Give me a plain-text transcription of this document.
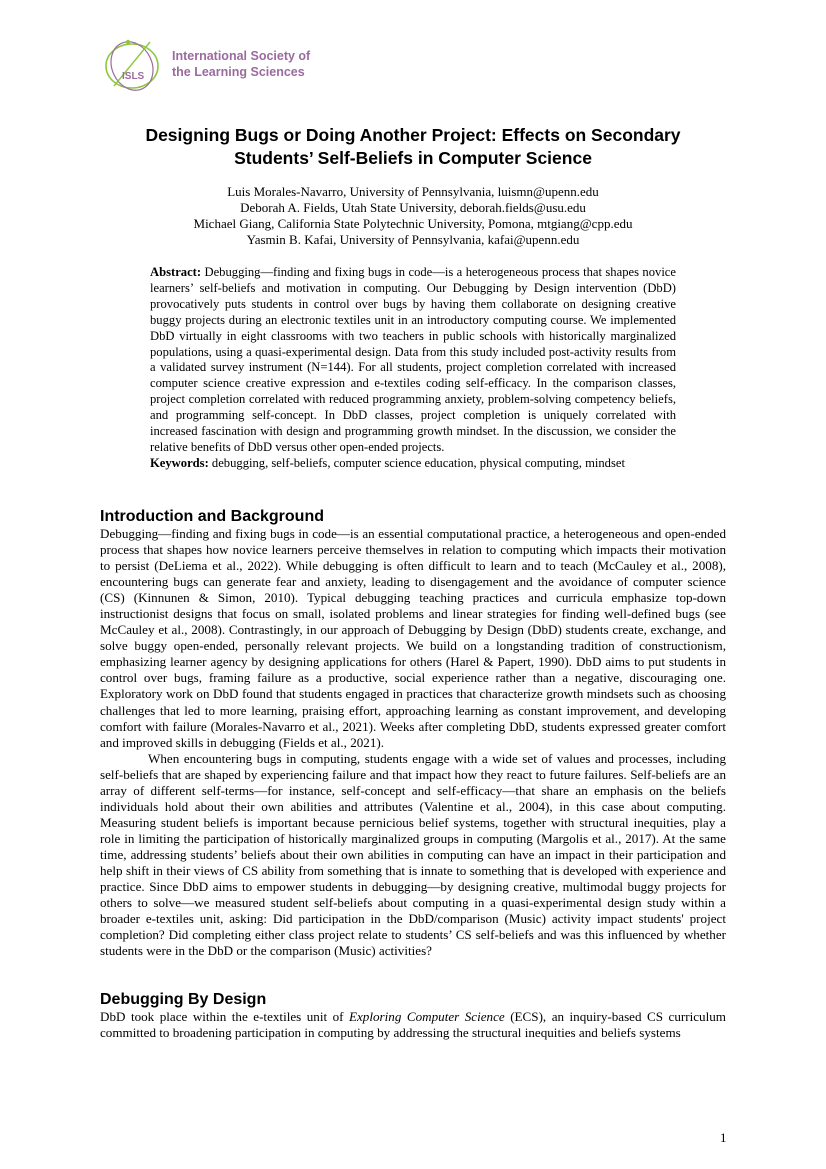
ISLS
International Society of
the Learning Sciences
Designing Bugs or Doing Another Project: Effects on Secondary
Students’ Self-Beliefs in Computer Science
Luis Morales-Navarro, University of Pennsylvania, luismn@upenn.edu
Deborah A. Fields, Utah State University, deborah.fields@usu.edu
Michael Giang, California State Polytechnic University, Pomona, mtgiang@cpp.edu
Yasmin B. Kafai, University of Pennsylvania, kafai@upenn.edu

Abstract: Debugging—finding and fixing bugs in code—is a heterogeneous process that shapes novice learners’ self-beliefs and motivation in computing. Our Debugging by Design intervention (DbD) provocatively puts students in control over bugs by having them collaborate on designing creative buggy projects during an electronic textiles unit in an introductory computing course. We implemented DbD virtually in eight classrooms with two teachers in public schools with historically marginalized populations, using a quasi-experimental design. Data from this study included post-activity results from a validated survey instrument (N=144). For all students, project completion correlated with increased computer science creative expression and e-textiles coding self-efficacy. In the comparison classes, project completion correlated with reduced programming anxiety, problem-solving competency beliefs, and programming self-concept. In DbD classes, project completion is uniquely correlated with increased fascination with design and programming growth mindset. In the discussion, we consider the relative benefits of DbD versus other open-ended projects.

Keywords: debugging, self-beliefs, computer science education, physical computing, mindset

Introduction and Background

Debugging—finding and fixing bugs in code—is an essential computational practice, a heterogeneous and open-ended process that shapes how novice learners perceive themselves in relation to computing which impacts their motivation to persist (DeLiema et al., 2022). While debugging is often difficult to learn and to teach (McCauley et al., 2008), encountering bugs can generate fear and anxiety, leading to disengagement and the avoidance of computer science (CS) (Kinnunen & Simon, 2010). Typical debugging teaching practices and curricula emphasize top-down instructionist designs that focus on small, isolated problems and linear strategies for finding well-defined bugs (see McCauley et al., 2008). Contrastingly, in our approach of Debugging by Design (DbD) students create, exchange, and solve buggy open-ended, personally relevant projects. We build on a longstanding tradition of constructionism, emphasizing learner agency by designing applications for others (Harel & Papert, 1990). DbD aims to put students in control over bugs, framing failure as a productive, social experience rather than a negative, discouraging one. Exploratory work on DbD found that students engaged in practices that characterize growth mindsets such as choosing challenges that led to more learning, praising effort, approaching learning as constant improvement, and developing comfort with failure (Morales-Navarro et al., 2021). Weeks after completing DbD, students expressed greater comfort and improved skills in debugging (Fields et al., 2021).

When encountering bugs in computing, students engage with a wide set of values and processes, including self-beliefs that are shaped by experiencing failure and that impact how they react to future failures. Self-beliefs are an array of different self-terms—for instance, self-concept and self-efficacy—that share an emphasis on the beliefs individuals hold about their own abilities and attributes (Valentine et al., 2004), in this case about computing. Measuring student beliefs is important because pernicious belief systems, together with structural inequities, play a role in limiting the participation of historically marginalized groups in computing (Margolis et al., 2017). At the same time, addressing students’ beliefs about their own abilities in computing can have an impact in their participation and help shift in their views of CS ability from something that is innate to something that is developed with experience and practice. Since DbD aims to empower students in debugging—by designing creative, multimodal buggy projects for others to solve—we measured student self-beliefs about computing in a quasi-experimental design study within a broader e-textiles unit, asking: Did participation in the DbD/comparison (Music) activity impact students' project completion? Did completing either class project relate to students’ CS self-beliefs and was this influenced by whether students were in the DbD or the comparison (Music) activities?

Debugging By Design

DbD took place within the e-textiles unit of Exploring Computer Science (ECS), an inquiry-based CS curriculum committed to broadening participation in computing by addressing the structural inequities and beliefs systems

1
